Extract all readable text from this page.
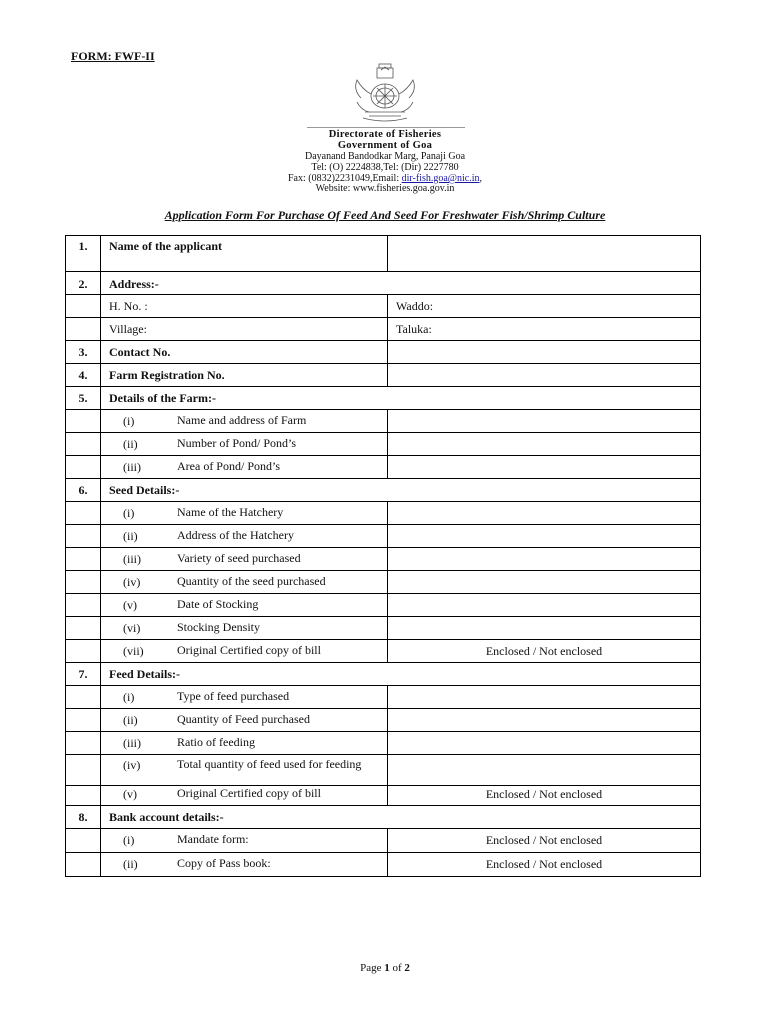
FORM: FWF-II
Directorate of Fisheries
Government of Goa
Dayanand Bandodkar Marg, Panaji Goa
Tel: (O) 2224838,Tel: (Dir) 2227780
Fax: (0832)2231049,Email: dir-fish.goa@nic.in,
Website: www.fisheries.goa.gov.in
Application Form For Purchase Of Feed And Seed For Freshwater Fish/Shrimp Culture
1.	Name of the applicant	
2.	Address:-	
	H. No. :	Waddo:
	Village:	Taluka:
3.	Contact No.	
4.	Farm Registration No.	
5.	Details of the Farm:-	

	(i) Name and address of Farm	

	(ii) Number of Pond/ Pond’s	

	(iii) Area of Pond/ Pond’s	

6.	Seed Details:-	

	(i) Name of the Hatchery	

	(ii) Address of the Hatchery	

	(iii) Variety of seed purchased	

	(iv) Quantity of the seed purchased	

	(v) Date of Stocking	

	(vi) Stocking Density	

	(vii) Original Certified copy of bill	Enclosed / Not enclosed
7.	Feed Details:-	

	(i) Type of feed purchased	

	(ii) Quantity of Feed purchased	

	(iii) Ratio of feeding	

	(iv) Total quantity of feed used for feeding	

	(v) Original Certified copy of bill	Enclosed / Not enclosed
8.	Bank account details:-	

	(i) Mandate form:	Enclosed / Not enclosed

	(ii) Copy of Pass book:	Enclosed / Not enclosed
Page 1 of 2
